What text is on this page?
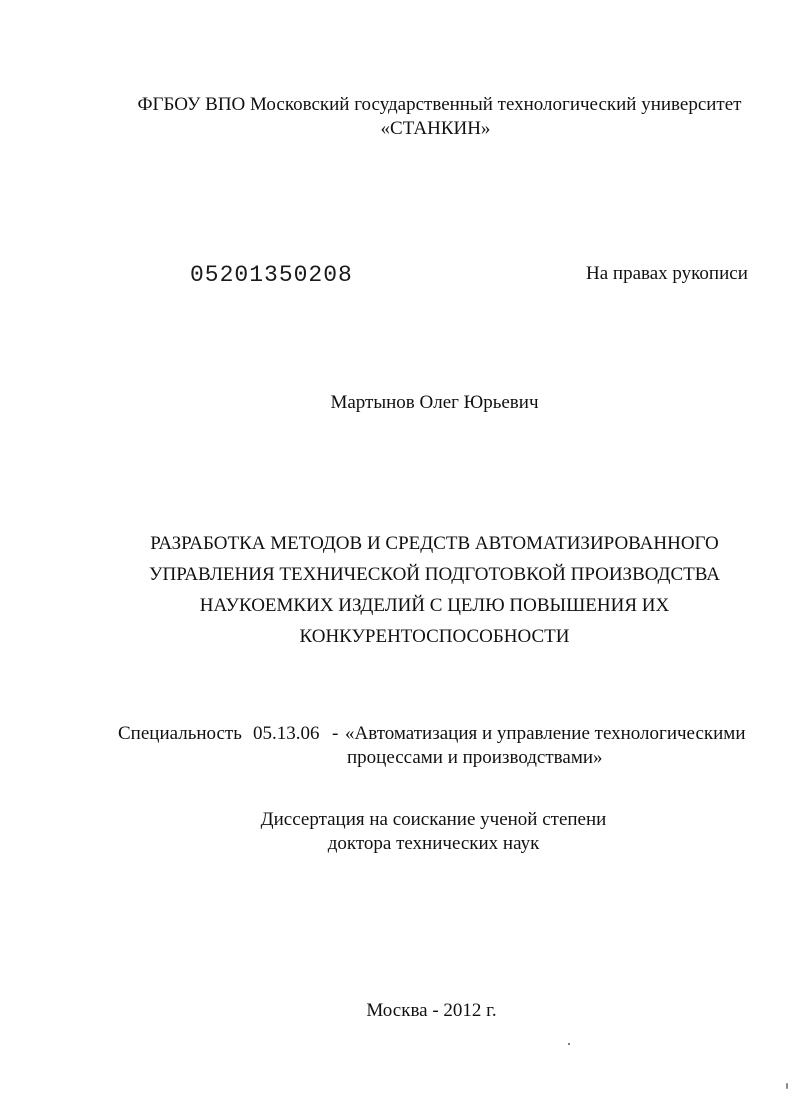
ФГБОУ ВПО Московский государственный технологический университет
«СТАНКИН»
05201350208	На правах рукописи
Мартынов Олег Юрьевич
РАЗРАБОТКА МЕТОДОВ И СРЕДСТВ АВТОМАТИЗИРОВАННОГО
УПРАВЛЕНИЯ ТЕХНИЧЕСКОЙ ПОДГОТОВКОЙ ПРОИЗВОДСТВА
НАУКОЕМКИХ ИЗДЕЛИЙ С ЦЕЛЮ ПОВЫШЕНИЯ ИХ
КОНКУРЕНТОСПОСОБНОСТИ
Специальность 05.13.06 - «Автоматизация и управление технологическими
процессами и производствами»
Диссертация на соискание ученой степени
доктора технических наук
Москва - 2012 г.
